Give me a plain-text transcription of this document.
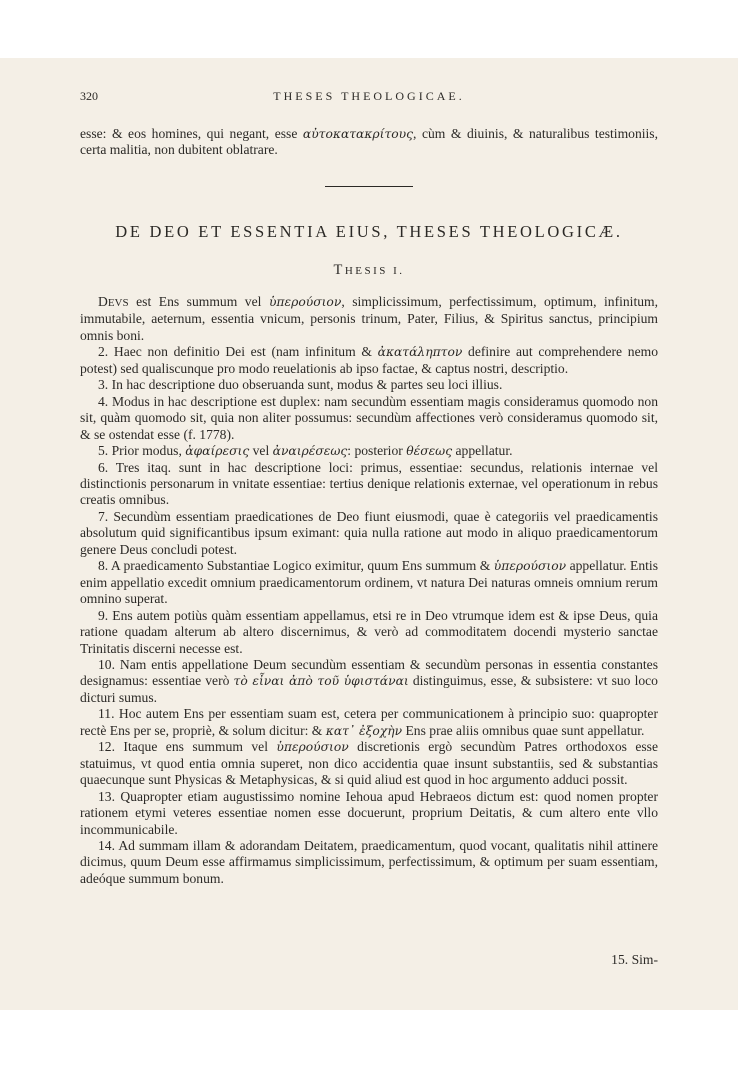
320	THESES THEOLOGICAE.
esse: & eos homines, qui negant, esse αὐτοκατακρίτους, cùm & diuinis, & naturalibus testimoniis, certa malitia, non dubitent oblatrare.
DE DEO ET ESSENTIA EIUS, THESES THEOLOGICÆ.
THESIS I.

DEVS est Ens summum vel ὑπερούσιον, simplicissimum, perfectissimum, optimum, infinitum, immutabile, aeternum, essentia vnicum, personis trinum, Pater, Filius, & Spiritus sanctus, principium omnis boni.

2. Haec non definitio Dei est (nam infinitum & ἀκατάληπτον definire aut comprehendere nemo potest) sed qualiscunque pro modo reuelationis ab ipso factae, & captus nostri, descriptio.

3. In hac descriptione duo obseruanda sunt, modus & partes seu loci illius.

4. Modus in hac descriptione est duplex: nam secundùm essentiam magis consideramus quomodo non sit, quàm quomodo sit, quia non aliter possumus: secundùm affectiones verò consideramus quomodo sit, & se ostendat esse (f. 1778).

5. Prior modus, ἀφαίρεσις vel ἀναιρέσεως: posterior θέσεως appellatur.

6. Tres itaq. sunt in hac descriptione loci: primus, essentiae: secundus, relationis internae vel distinctionis personarum in vnitate essentiae: tertius denique relationis externae, vel operationum in rebus creatis omnibus.

7. Secundùm essentiam praedicationes de Deo fiunt eiusmodi, quae è categoriis vel praedicamentis absolutum quid significantibus ipsum eximant: quia nulla ratione aut modo in aliquo praedicamentorum genere Deus concludi potest.

8. A praedicamento Substantiae Logico eximitur, quum Ens summum & ὑπερούσιον appellatur. Entis enim appellatio excedit omnium praedicamentorum ordinem, vt natura Dei naturas omneis omnium rerum omnino superat.

9. Ens autem potiùs quàm essentiam appellamus, etsi re in Deo vtrumque idem est & ipse Deus, quia ratione quadam alterum ab altero discernimus, & verò ad commoditatem docendi mysterio sanctae Trinitatis discerni necesse est.

10. Nam entis appellatione Deum secundùm essentiam & secundùm personas in essentia constantes designamus: essentiae verò τὸ εἶναι ἀπὸ τοῦ ὑφιστάναι distinguimus, esse, & subsistere: vt suo loco dicturi sumus.

11. Hoc autem Ens per essentiam suam est, cetera per communicationem à principio suo: quapropter rectè Ens per se, propriè, & solum dicitur: & κατ᾽ ἐξοχὴν Ens prae aliis omnibus quae sunt appellatur.

12. Itaque ens summum vel ὑπερούσιον discretionis ergò secundùm Patres orthodoxos esse statuimus, vt quod entia omnia superet, non dico accidentia quae insunt substantiis, sed & substantias quaecunque sunt Physicas & Metaphysicas, & si quid aliud est quod in hoc argumento adduci possit.

13. Quapropter etiam augustissimo nomine Iehoua apud Hebraeos dictum est: quod nomen propter rationem etymi veteres essentiae nomen esse docuerunt, proprium Deitatis, & cum altero ente vllo incommunicabile.

14. Ad summam illam & adorandam Deitatem, praedicamentum, quod vocant, qualitatis nihil attinere dicimus, quum Deum esse affirmamus simplicissimum, perfectissimum, & optimum per suam essentiam, adeóque summum bonum.

15. Sim-
